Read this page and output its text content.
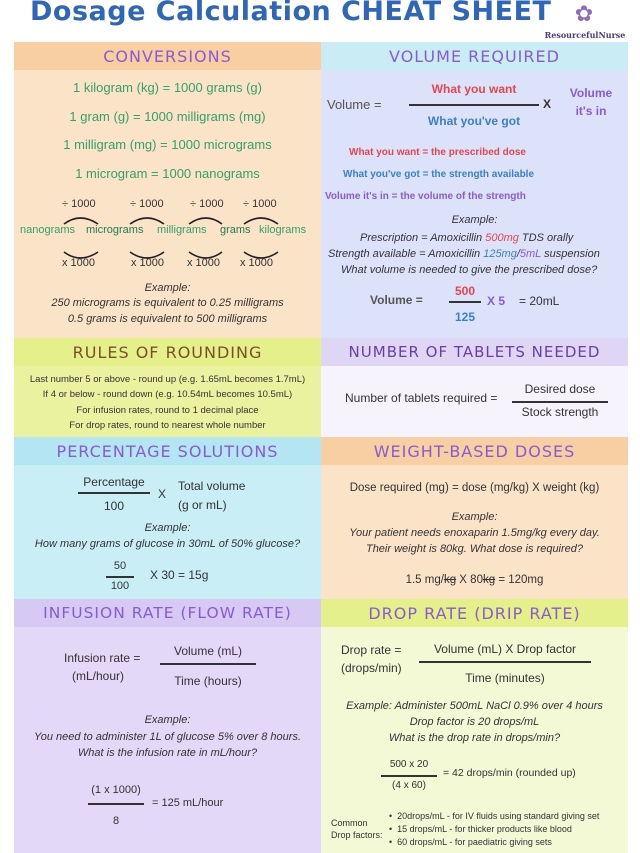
Dosage Calculation CHEAT SHEET	✿
ResourcefulNurse
CONVERSIONS
1 kilogram (kg) = 1000 grams (g)
1 gram (g) = 1000 milligrams (mg)
1 milligram (mg) = 1000 micrograms
1 microgram = 1000 nanograms
÷ 1000	÷ 1000 ÷ 1000 ÷ 1000
nanograms micrograms milligrams grams kilograms
x 1000	x 1000 x 1000 x 1000
Example:
250 micrograms is equivalent to 0.25 milligrams
0.5 grams is equivalent to 500 milligrams
VOLUME REQUIRED
Volume =
What you want
What you've got
X
Volume
it's in
What you want = the prescribed dose
What you've got = the strength available
Volume it's in = the volume of the strength
Example:
Prescription = Amoxicillin 500mg TDS orally
Strength available = Amoxicillin 125mg/5mL suspension
What volume is needed to give the prescribed dose?
Volume =
500
125
X 5 = 20mL
RULES OF ROUNDING
Last number 5 or above - round up (e.g. 1.65mL becomes 1.7mL)
If 4 or below - round down (e.g. 10.54mL becomes 10.5mL)
For infusion rates, round to 1 decimal place
For drop rates, round to nearest whole number
NUMBER OF TABLETS NEEDED
Number of tablets required =
Desired dose
Stock strength
PERCENTAGE SOLUTIONS
Percentage
100
X
Total volume
(g or mL)
Example:
How many grams of glucose in 30mL of 50% glucose?
50
100
X 30 = 15g
WEIGHT-BASED DOSES
Dose required (mg) = dose (mg/kg) X weight (kg)
Example:
Your patient needs enoxaparin 1.5mg/kg every day.
Their weight is 80kg. What dose is required?
1.5 mg/kg X 80kg = 120mg
INFUSION RATE (FLOW RATE)
Infusion rate =
(mL/hour)
Volume (mL)
Time (hours)
Example:
You need to administer 1L of glucose 5% over 8 hours.
What is the infusion rate in mL/hour?
(1 x 1000)
8
= 125 mL/hour
DROP RATE (DRIP RATE)
Drop rate =
(drops/min)
Volume (mL) X Drop factor
Time (minutes)
Example: Administer 500mL NaCl 0.9% over 4 hours
Drop factor is 20 drops/mL
What is the drop rate in drops/min?
500 x 20
(4 x 60)
= 42 drops/min (rounded up)
Common
Drop factors:
•  20drops/mL - for IV fluids using standard giving set
•  15 drops/mL - for thicker products like blood
•  60 drops/mL - for paediatric giving sets
